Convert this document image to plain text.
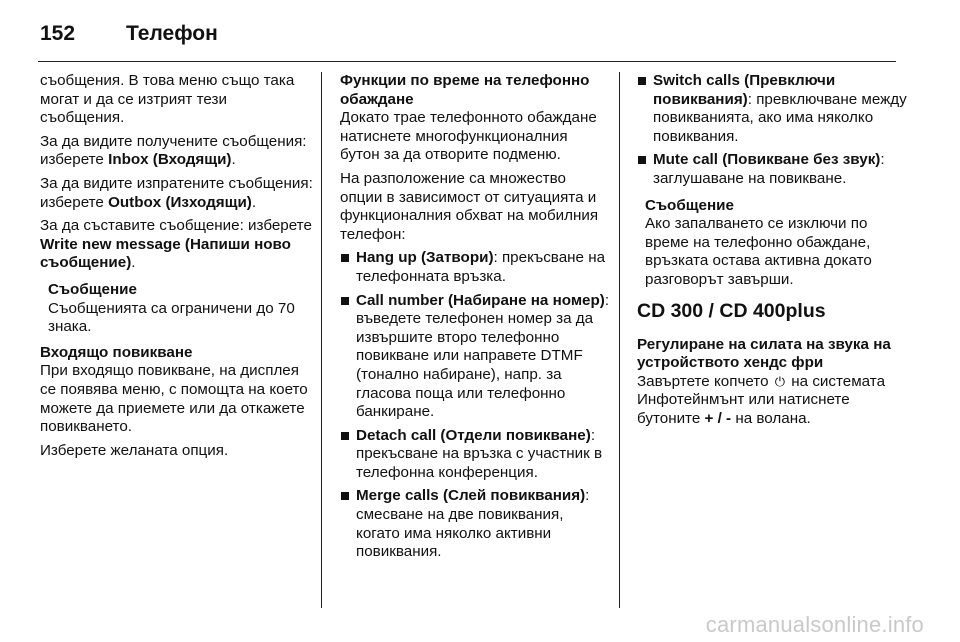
152	Телефон

съобщения. В това меню също така могат и да се изтрият тези съобщения.

За да видите получените съобщения: изберете Inbox (Входящи).

За да видите изпратените съобщения: изберете Outbox (Изходящи).

За да съставите съобщение: изберете Write new message (Напиши ново съобщение).

Съобщение
Съобщенията са ограничени до 70 знака.
Входящо повикване

При входящо повикване, на дисплея се появява меню, с помощта на което можете да приемете или да откажете повикването.

Изберете желаната опция.

Функции по време на телефонно обаждане

Докато трае телефонното обаждане натиснете многофункционалния бутон за да отворите подменю.

На разположение са множество опции в зависимост от ситуацията и функционалния обхват на мобилния телефон:

Hang up (Затвори): прекъсване на телефонната връзка.
Call number (Набиране на номер): въведете телефонен номер за да извършите второ телефонно повикване или направете DTMF (тонално набиране), напр. за гласова поща или телефонно банкиране.
Detach call (Отдели повикване): прекъсване на връзка с участник в телефонна конференция.
Merge calls (Слей повиквания): смесване на две повиквания, когато има няколко активни повиквания.
Switch calls (Превключи повиквания): превключване между повикванията, ако има няколко повиквания.
Mute call (Повикване без звук): заглушаване на повикване.
Съобщение
Ако запалването се изключи по време на телефонно обаждане, връзката остава активна докато разговорът завърши.
CD 300 / CD 400plus
Регулиране на силата на звука на устройството хендс фри

Завъртете копчето ⏻ на системата Инфотейнмънт или натиснете бутоните + / - на волана.

carmanualsonline.info
